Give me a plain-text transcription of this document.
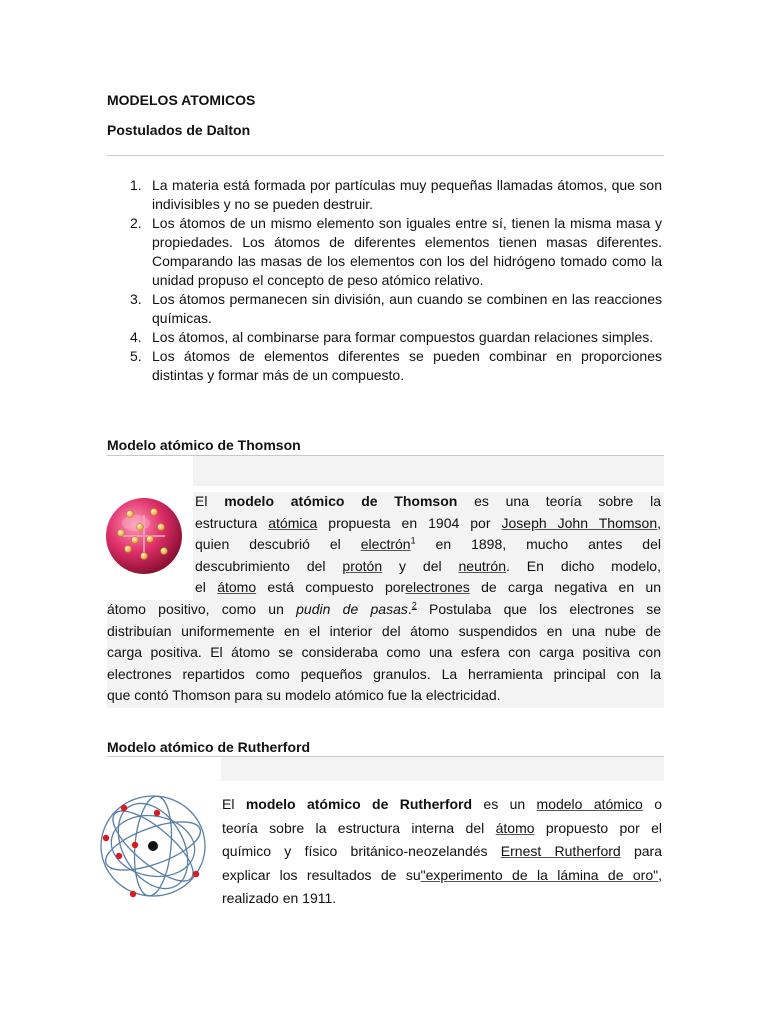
MODELOS ATOMICOS
Postulados de Dalton
1. La materia está formada por partículas muy pequeñas llamadas átomos, que son indivisibles y no se pueden destruir.
2. Los átomos de un mismo elemento son iguales entre sí, tienen la misma masa y propiedades. Los átomos de diferentes elementos tienen masas diferentes. Comparando las masas de los elementos con los del hidrógeno tomado como la unidad propuso el concepto de peso atómico relativo.
3. Los átomos permanecen sin división, aun cuando se combinen en las reacciones químicas.
4. Los átomos, al combinarse para formar compuestos guardan relaciones simples.
5. Los átomos de elementos diferentes se pueden combinar en proporciones distintas y formar más de un compuesto.
Modelo atómico de Thomson
El modelo atómico de Thomson es una teoría sobre la
estructura atómica propuesta en 1904 por Joseph John Thomson,
quien descubrió el electrón$^1$ en 1898, mucho antes del
descubrimiento del protón y del neutrón. En dicho modelo,
el átomo está compuesto porelectrones de carga negativa en un
átomo positivo, como un pudin de pasas.$^2$ Postulaba que los electrones se
distribuían uniformemente en el interior del átomo suspendidos en una nube de
carga positiva. El átomo se consideraba como una esfera con carga positiva con
electrones repartidos como pequeños granulos. La herramienta principal con la
que contó Thomson para su modelo atómico fue la electricidad.
Modelo atómico de Rutherford
El modelo atómico de Rutherford es un modelo atómico o
teoría sobre la estructura interna del átomo propuesto por el
químico y físico británico-neozelandés Ernest Rutherford para
explicar los resultados de su"experimento de la lámina de oro",
realizado en 1911.
